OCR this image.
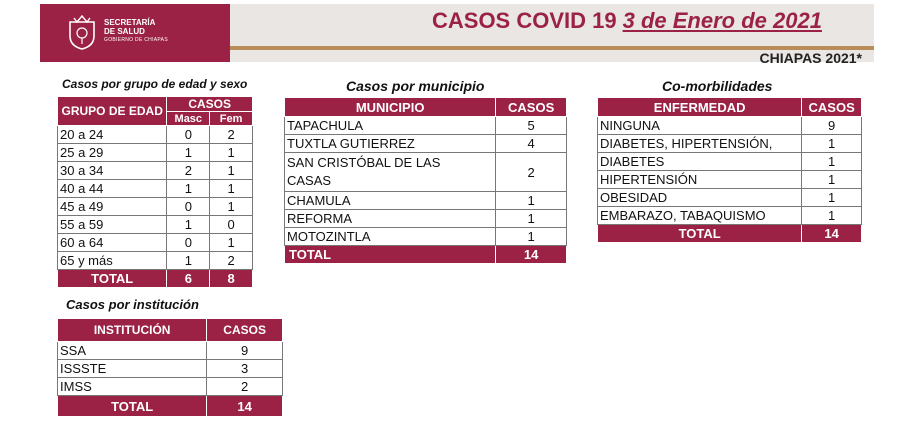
SECRETARÍA
DE SALUD
GOBIERNO DE CHIAPAS
CASOS COVID 19 3 de Enero de 2021
CHIAPAS 2021*
Casos por grupo de edad y sexo
GRUPO DE EDAD	CASOS	
	Masc	Fem
20 a 24	0	2
25 a 29	1	1
30 a 34	2	1
40 a 44	1	1
45 a 49	0	1
55 a 59	1	0
60 a 64	0	1
65 y más	1	2
TOTAL	6	8
Casos por institución
INSTITUCIÓN	CASOS
SSA	9
ISSSTE	3
IMSS	2
TOTAL	14
Casos por municipio
MUNICIPIO	CASOS
TAPACHULA	5
TUXTLA GUTIERREZ	4

SAN CRISTÓBAL DE LAS
CASAS	2
CHAMULA	1
REFORMA	1
MOTOZINTLA	1
TOTAL	14
Co-morbilidades
ENFERMEDAD	CASOS
NINGUNA	9
DIABETES, HIPERTENSIÓN,	1
DIABETES	1
HIPERTENSIÓN	1
OBESIDAD	1
EMBARAZO, TABAQUISMO	1
TOTAL	14
